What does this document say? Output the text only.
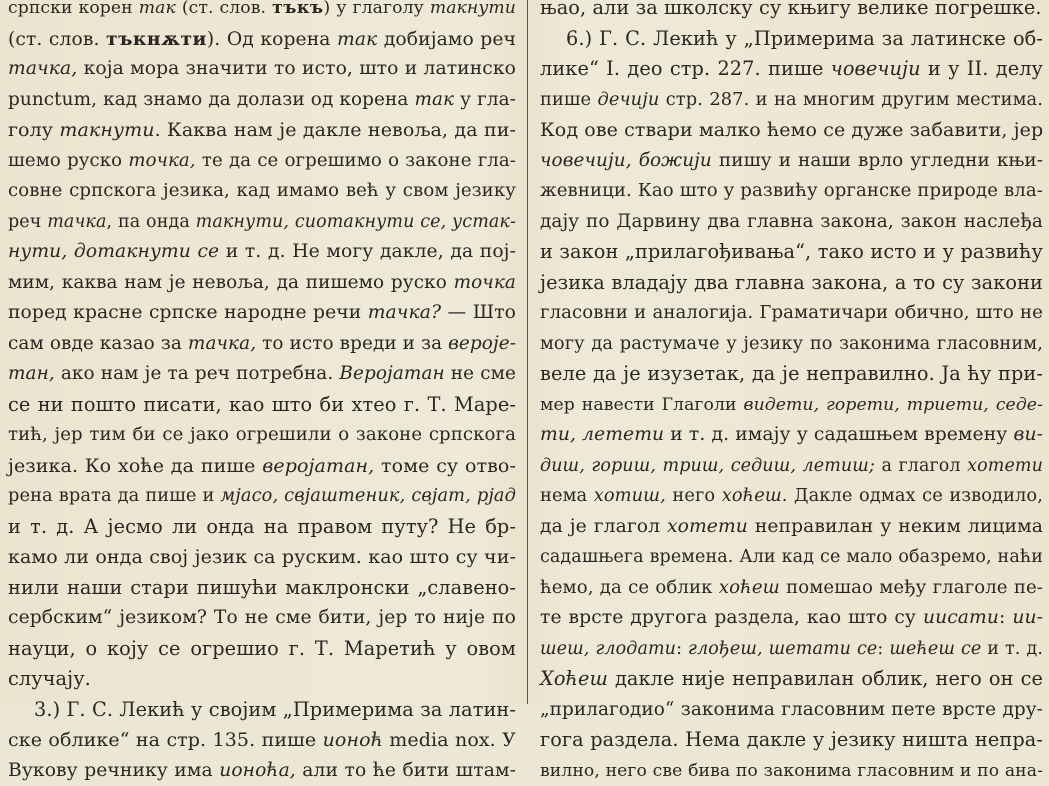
српски корен так (ст. слов. тъкъ) у глаголу такнути
(ст. слов. тъкнѫти). Од корена так добијамо реч
тачка, која мора значити то исто, што и латинско
punctum, кад знамо да долази од корена так у гла-
голу такнути. Каква нам је дакле невоља, да пи-
шемо руско точка, те да се огрешимо о законе гла-
совне српскога језика, кад имамо већ у свом језику
реч тачка, па онда такнути, сиотакнути се, устак-
нути, дотакнути се и т. д. Не могу дакле, да пој-
мим, каква нам је невоља, да пишемо руско точка
поред красне српске народне речи тачка? — Што
сам овде казао за тачка, то исто вреди и за вероје-
тан, ако нам је та реч потребна. Веројатан не сме
се ни пошто писати, као што би хтео г. Т. Маре-
тић, јер тим би се јако огрешили о законе српскога
језика. Ко хоће да пише веројатан, томе су отво-
рена врата да пише и мјасо, свјаштеник, свјат, рјад
и т. д. А јесмо ли онда на правом путу? Не бр-
камо ли онда свој језик са руским. као што су чи-
нили наши стари пишући маклронски „славено-
сербским“ језиком? То не сме бити, јер то није по
науци, о коју се огрешио г. Т. Маретић у овом
случају.
3.) Г. С. Лекић у својим „Примерима за латин-
ске облике“ на стр. 135. пише ионоћ media nox. У
Вукову речнику има ионоћа, али то ће бити штам-
њао, али за школску су књигу велике погрешке.
6.) Г. С. Лекић у „Примерима за латинске об-
лике“ I. део стр. 227. пише човечији и у II. делу
пише дечији стр. 287. и на многим другим местима.
Код ове ствари малко ћемо се дуже забавити, јер
човечији, божији пишу и наши врло угледни књи-
жевници. Као што у развићу органске природе вла-
дају по Дарвину два главна закона, закон наслеђа
и закон „прилагођивања“, тако исто и у развићу
језика владају два главна закона, а то су закони
гласовни и аналогија. Граматичари обично, што не
могу да растумаче у језику по законима гласовним,
веле да је изузетак, да је неправилно. Ја ћу при-
мер навести Глаголи видети, горети, триети, седе-
ти, летети и т. д. имају у садашњем времену ви-
диш, гориш, триш, седиш, летиш; а глагол хотети
нема хотиш, него хоћеш. Дакле одмах се изводило,
да је глагол хотети неправилан у неким лицима
садашњега времена. Али кад се мало обазремо, наћи
ћемо, да се облик хоћеш помешао међу глаголе пе-
те врсте другога раздела, као што су иисати: ии-
шеш, глодати: глођеш, шетати се: шећеш се и т. д.
Хоћеш дакле није неправилан облик, него он се
„прилагодио“ законима гласовним пете врсте дру-
гога раздела. Нема дакле у језику ништа непра-
вилно, него све бива по законима гласовним и по ана-
